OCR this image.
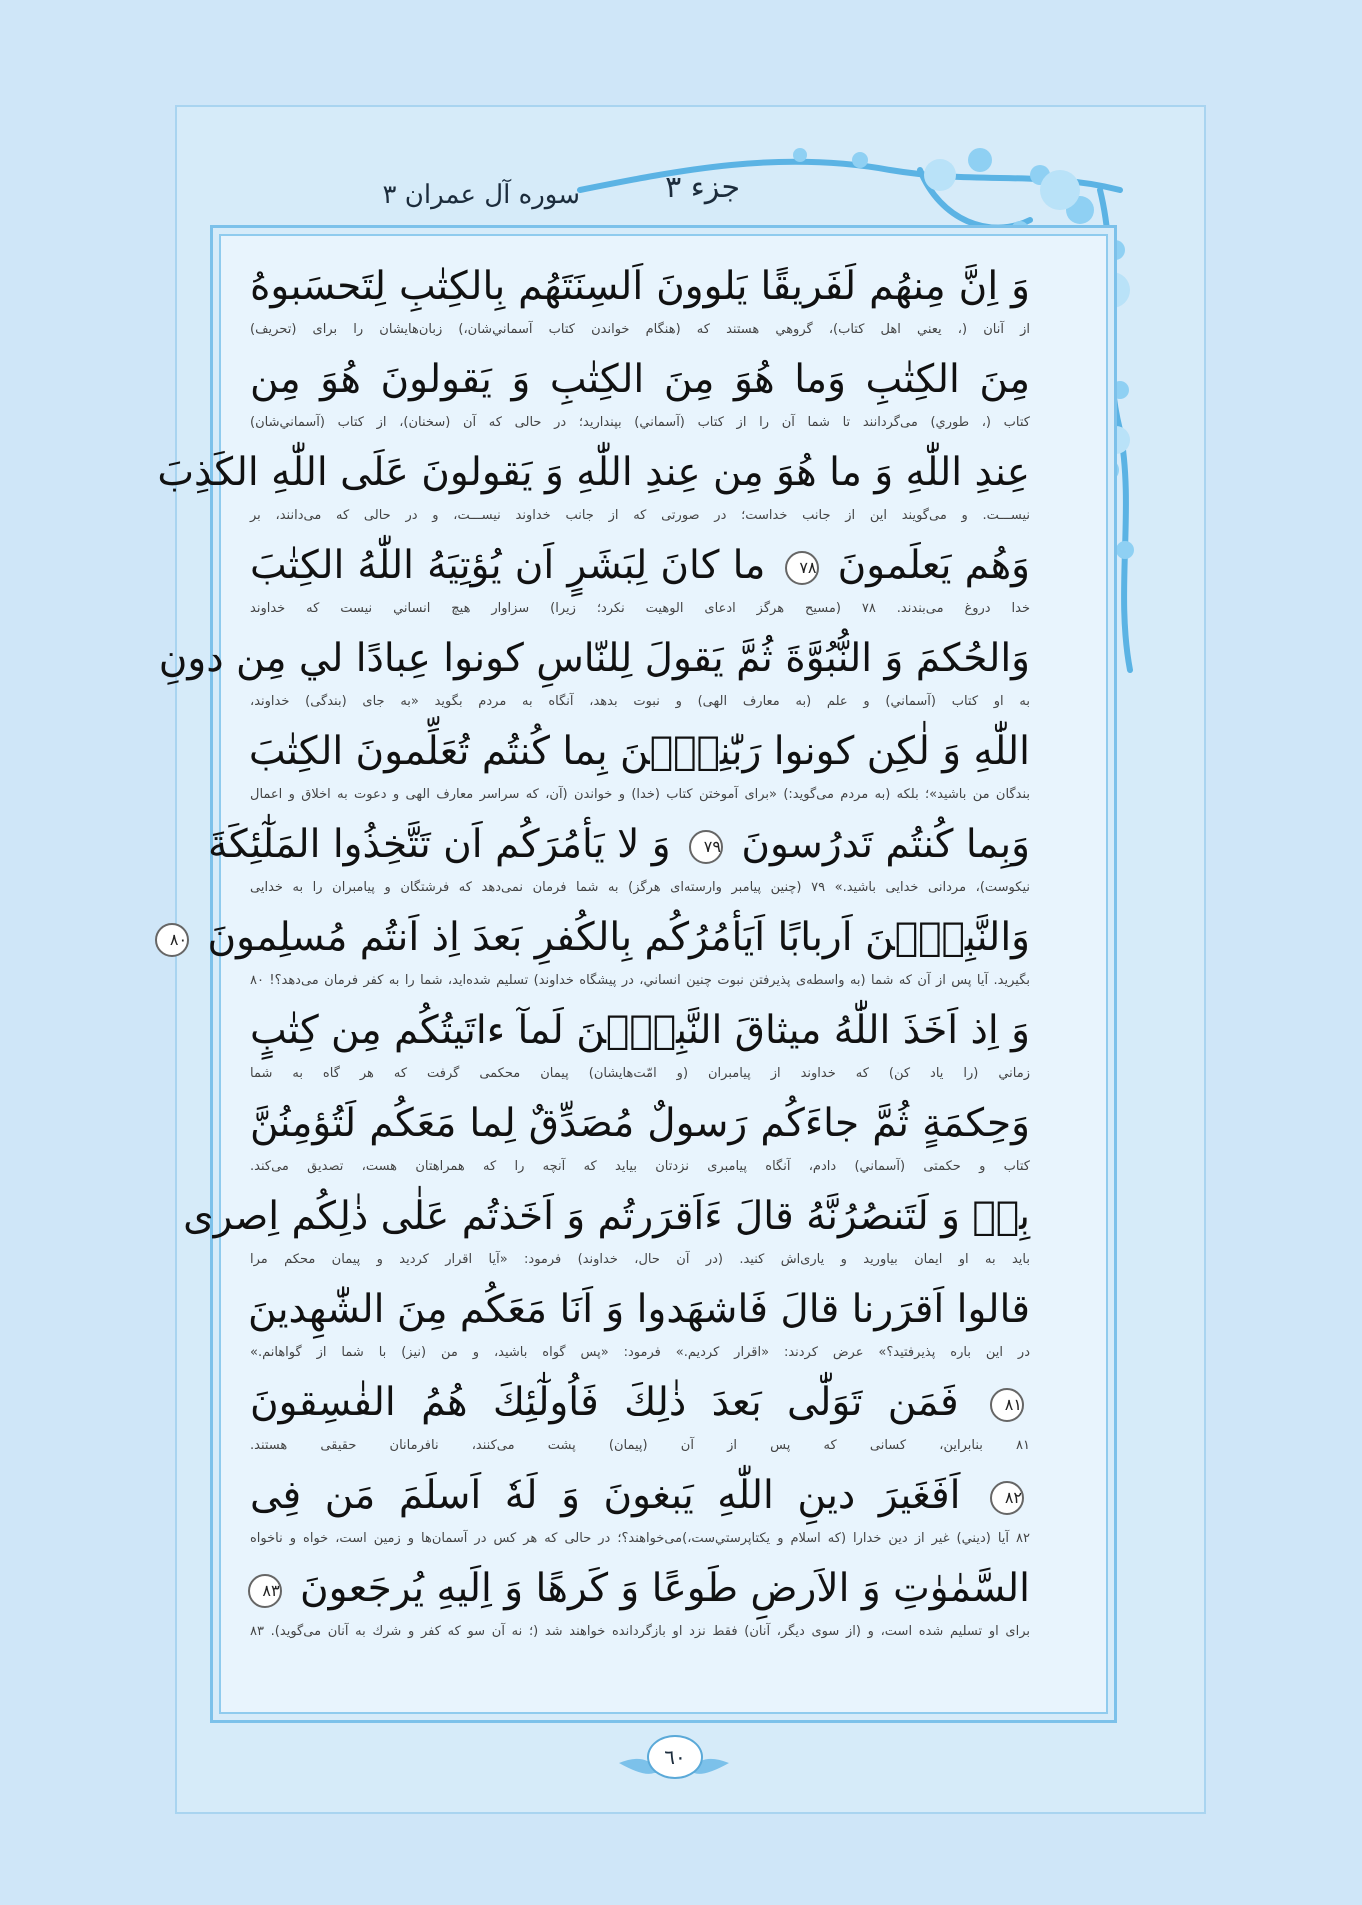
جزء ٣
سوره آل عمران ٣
وَ اِنَّ مِنهُم لَفَريقًا يَلوونَ اَلسِنَتَهُم بِالكِتٰبِ لِتَحسَبوهُ
از آنان (، يعني اهل كتاب)، گروهي هستند كه (هنگام خواندن كتاب آسماني‌شان،) زبان‌هايشان را براى (تحريف)
مِنَ الكِتٰبِ وَما هُوَ مِنَ الكِتٰبِ وَ يَقولونَ هُوَ مِن
كتاب (، طوري) مى‌گردانند تا شما آن را از كتاب (آسماني) بپنداريد؛ در حالى كه آن (سخنان)، از كتاب (آسماني‌شان)
عِندِ اللّٰهِ وَ ما هُوَ مِن عِندِ اللّٰهِ وَ يَقولونَ عَلَى اللّٰهِ الكَذِبَ
نيســـت. و مى‌گويند اين از جانب خداست؛ در صورتى كه از جانب خداوند نيســـت، و در حالى كه مى‌دانند، بر
وَهُم يَعلَمونَ ٧٨ ما كانَ لِبَشَرٍ اَن يُؤتِيَهُ اللّٰهُ الكِتٰبَ
خدا دروغ مى‌بندند. ٧٨ (مسيح هرگز ادعاى الوهيت نكرد؛ زيرا) سزاوار هيچ انساني نيست كه خداوند
وَالحُكمَ وَ النُّبُوَّةَ ثُمَّ يَقولَ لِلنّاسِ كونوا عِبادًا لي مِن دونِ
به او كتاب (آسماني) و علم (به معارف الهى) و نبوت بدهد، آنگاه به مردم بگويد «به جاى (بندگى) خداوند،
اللّٰهِ وَ لٰكِن كونوا رَبّٰنِيّٖنَ بِما كُنتُم تُعَلِّمونَ الكِتٰبَ
بندگان من باشيد»؛ بلكه (به مردم مى‌گويد:) «براى آموختن كتاب (خدا) و خواندن (آن، كه سراسر معارف الهى و دعوت به اخلاق و اعمال
وَبِما كُنتُم تَدرُسونَ ٧٩ وَ لا يَأمُرَكُم اَن تَتَّخِذُوا المَلٰٓئِكَةَ
نيكوست)، مردانى خدايى باشيد.» ٧٩ (چنين پيامبر وارسته‌اى هرگز) به شما فرمان نمى‌دهد كه فرشتگان و پيامبران را به خدايى
وَالنَّبِيّٖنَ اَربابًا اَيَأمُرُكُم بِالكُفرِ بَعدَ اِذ اَنتُم مُسلِمونَ ٨٠
بگيريد. آيا پس از آن كه شما (به واسطه‌ى پذيرفتن نبوت چنين انساني، در پيشگاه خداوند) تسليم شده‌ايد، شما را به كفر فرمان مى‌دهد؟! ٨٠
وَ اِذ اَخَذَ اللّٰهُ ميثاقَ النَّبِيّٖنَ لَمآ ءاتَيتُكُم مِن كِتٰبٍ
زماني (را ياد كن) كه خداوند از پيامبران (و امّت‌هايشان) پيمان محكمى گرفت كه هر گاه به شما
وَحِكمَةٍ ثُمَّ جاءَكُم رَسولٌ مُصَدِّقٌ لِما مَعَكُم لَتُؤمِنُنَّ
كتاب و حكمتى (آسماني) دادم، آنگاه پيامبرى نزدتان بيايد كه آنچه را كه همراهتان هست، تصديق مى‌كند.
بِهٖ وَ لَتَنصُرُنَّهُ قالَ ءَاَقرَرتُم وَ اَخَذتُم عَلٰى ذٰلِكُم اِصرى
بايد به او ايمان بياوريد و يارى‌اش كنيد. (در آن حال، خداوند) فرمود: «آيا اقرار كرديد و پيمان محكم مرا
قالوا اَقرَرنا قالَ فَاشهَدوا وَ اَنَا مَعَكُم مِنَ الشّٰهِدينَ
در اين باره پذيرفتيد؟» عرض كردند: «اقرار كرديم.» فرمود: «پس گواه باشيد، و من (نيز) با شما از گواهانم.»
٨١ فَمَن تَوَلّٰى بَعدَ ذٰلِكَ فَاُولٰٓئِكَ هُمُ الفٰسِقونَ
٨١ بنابراين، كسانى كه پس از آن (پيمان) پشت مى‌كنند، نافرمانان حقيقى هستند.
٨٢ اَفَغَيرَ دينِ اللّٰهِ يَبغونَ وَ لَهٗ اَسلَمَ مَن فِى
٨٢ آيا (ديني) غير از دين خدارا (كه اسلام و يكتاپرستي‌ست،)مى‌خواهند؟؛ در حالى كه هر كس در آسمان‌ها و زمين است، خواه و ناخواه
السَّمٰوٰتِ وَ الاَرضِ طَوعًا وَ كَرهًا وَ اِلَيهِ يُرجَعونَ ٨٣
براى او تسليم شده است، و (از سوى ديگر، آنان) فقط نزد او بازگردانده خواهند شد (؛ نه آن سو كه كفر و شرك به آنان مى‌گويد). ٨٣
٦٠
